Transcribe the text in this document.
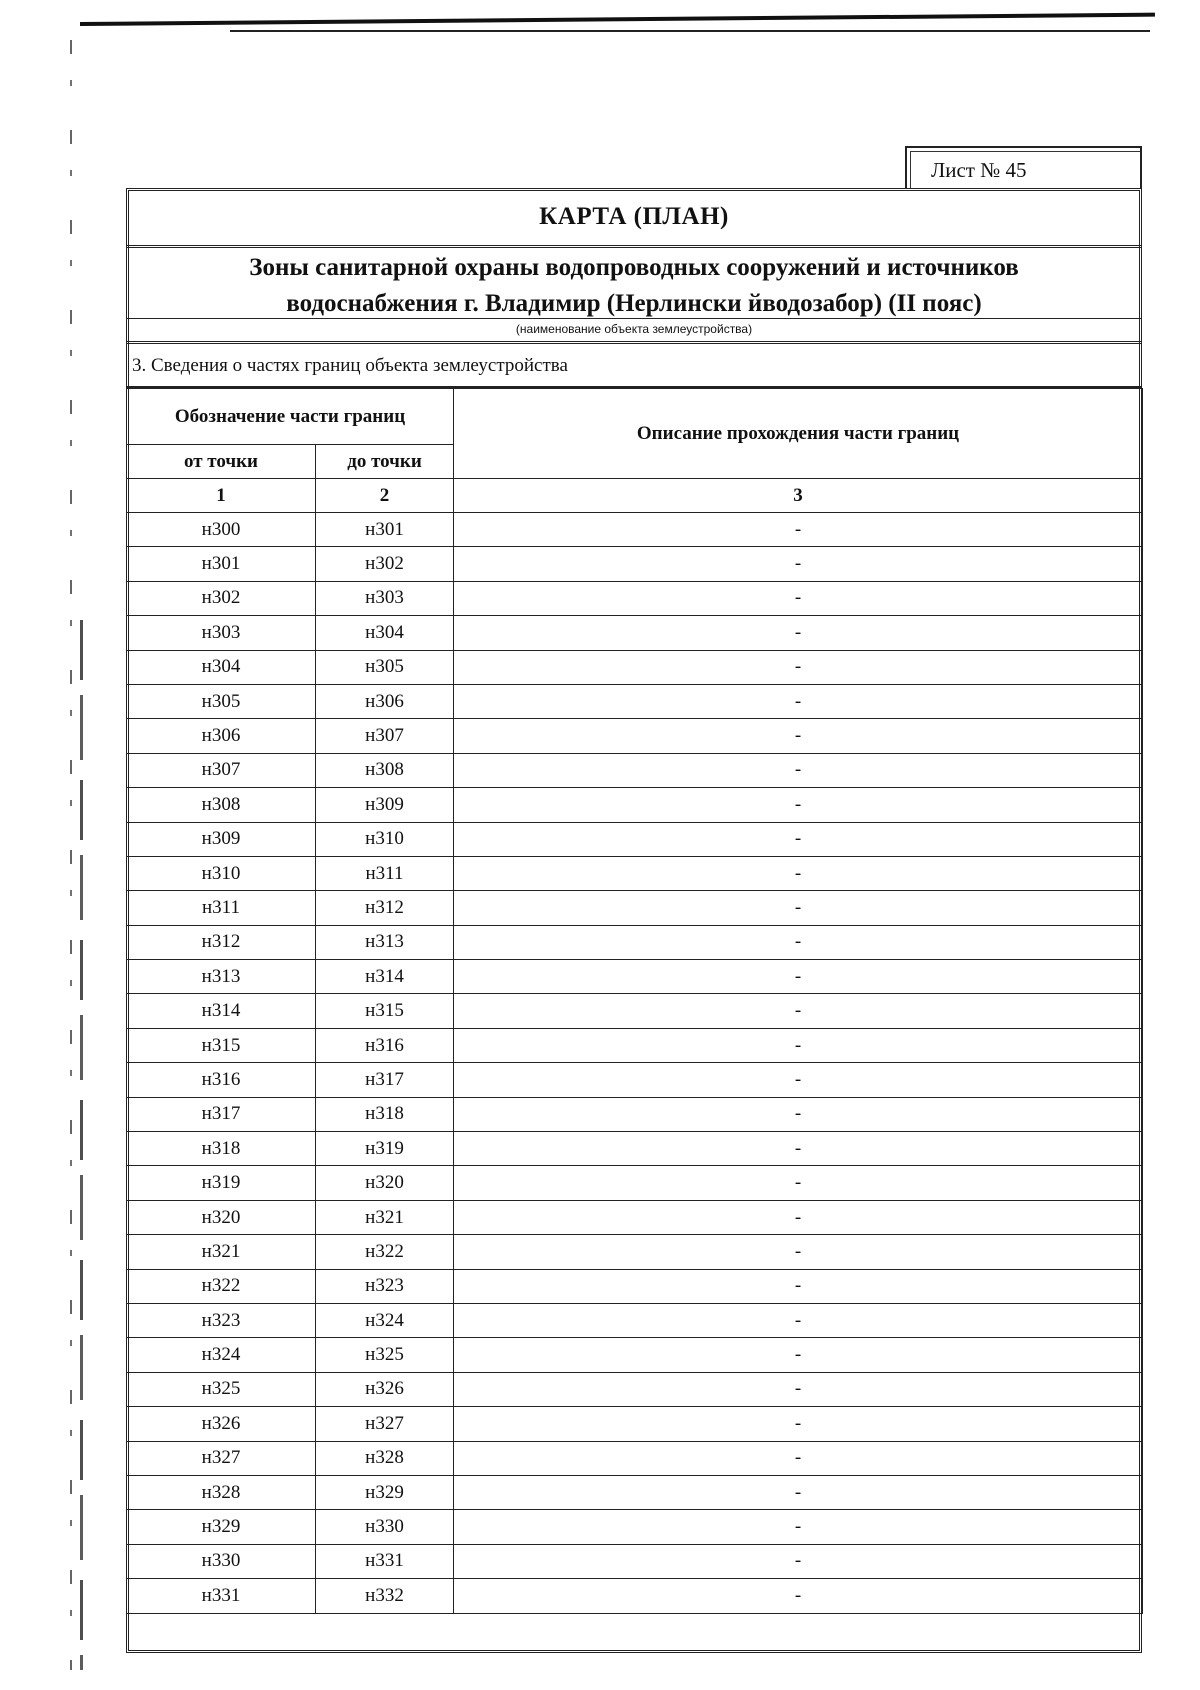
Лист № 45
КАРТА (ПЛАН)
Зоны санитарной охраны водопроводных сооружений и источников
водоснабжения г. Владимир (Нерлински йводозабор) (II пояс)
(наименование объекта землеустройства)
3. Сведения о частях границ объекта землеустройства
Обозначение части границ		Описание прохождения части границ
от точки	до точки	
1	2	3
н300	н301	-
н301	н302	-
н302	н303	-
н303	н304	-
н304	н305	-
н305	н306	-
н306	н307	-
н307	н308	-
н308	н309	-
н309	н310	-
н310	н311	-
н311	н312	-
н312	н313	-
н313	н314	-
н314	н315	-
н315	н316	-
н316	н317	-
н317	н318	-
н318	н319	-
н319	н320	-
н320	н321	-
н321	н322	-
н322	н323	-
н323	н324	-
н324	н325	-
н325	н326	-
н326	н327	-
н327	н328	-
н328	н329	-
н329	н330	-
н330	н331	-
н331	н332	-
